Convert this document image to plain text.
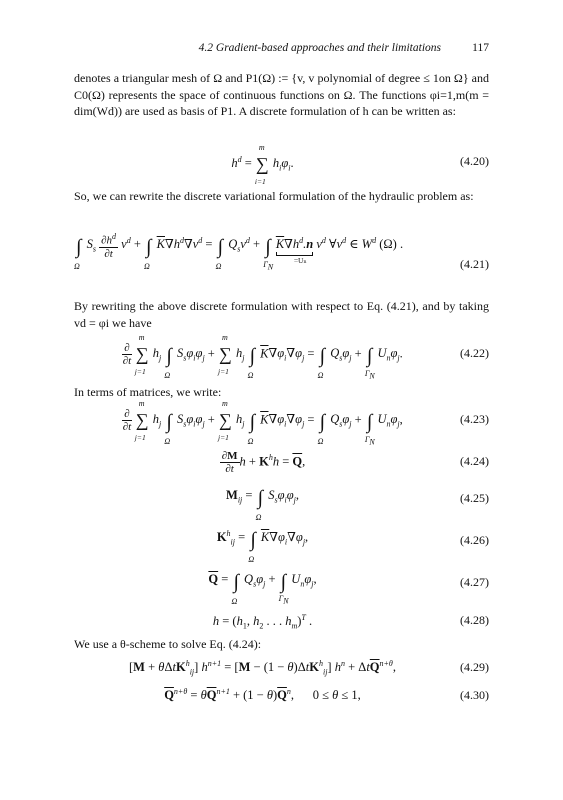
4.2 Gradient-based approaches and their limitations	117
denotes a triangular mesh of Ω and P1(Ω) := {v, v polynomial of degree ≤ 1on Ω} and C0(Ω) represents the space of continuous functions on Ω. The functions φi=1,m(m = dim(Wd)) are used as basis of P1. A discrete formulation of h can be written as:
$h^d$ = ∑
m
i=1
$h_i\varphi_i$.	(4.20)
So, we can rewrite the discrete variational formulation of the hydraulic problem as:
∫
Ω
$S_s \frac{\partial h^d}{\partial t} v^d$ + ∫
Ω
$\overline{K}\nabla h^d\nabla v^d$ = ∫
Ω
$Q_sv^d$ + ∫
$\Gamma_N$
$\overline{K}\nabla h^d.n$
=Uₙ
$v^d$ $\forall v^d$ ∈ $W^d$ (Ω) .
(4.21)
By rewriting the above discrete formulation with respect to Eq. (4.21), and by taking vd = φi we have
$\frac{\partial}{\partial t}$ ∑
m
j=1
$h_j$ ∫
Ω
$S_s\varphi_i\varphi_j$ + ∑
m
j=1
$h_j$ ∫
Ω
$\overline{K}\nabla\varphi_i\nabla\varphi_j$ = ∫
Ω
$Q_s\varphi_j$ + ∫
$\Gamma_N$
$U_n\varphi_j$.	(4.22)
In terms of matrices, we write:
$\frac{\partial}{\partial t}$ ∑
m
j=1
$h_j$ ∫
Ω
$S_s\varphi_i\varphi_j$ + ∑
m
j=1
$h_j$ ∫
Ω
$\overline{K}\nabla\varphi_i\nabla\varphi_j$ = ∫
Ω
$Q_s\varphi_j$ + ∫
$\Gamma_N$
$U_n\varphi_j$,	(4.23)
$\frac{\partial M}{\partial t}$ $h + K^hh = \overline{Q}$,	(4.24)
$M_{ij}$ = ∫
Ω
$S_s\varphi_i\varphi_j$,	(4.25)
$K^h_{ij}$ = ∫
Ω
$\overline{K}\nabla\varphi_i\nabla\varphi_j$,	(4.26)
$\overline{Q}$ = ∫
Ω
$Q_s\varphi_j$ + ∫
$\Gamma_N$
$U_n\varphi_j$,	(4.27)
$h = (h_1$, $h_2$ . . . $h_m)^T$ .	(4.28)
We use a θ-scheme to solve Eq. (4.24):
[M + θΔtK$^h_{ij}$] $h^{n+1} = [M - (1 - \theta)\Delta tK^h_{ij}] h^n + \Delta t\overline{Q}^{n+\theta}$,	(4.29)
$\overline{Q}^{n+\theta} = \theta\overline{Q}^{n+1} + (1 - \theta)\overline{Q}^n$,      0 ≤ θ ≤ 1,	(4.30)
